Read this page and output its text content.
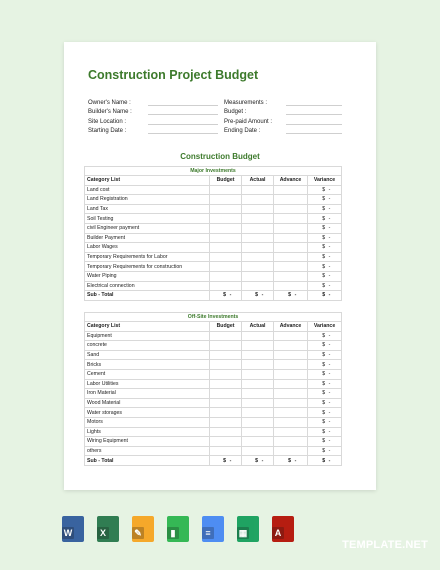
Construction Project Budget
Owner's Name :
Builder's Name :
Site Location :
Starting Date :
Measurements :
Budget :
Pre-paid Amount :
Ending Date :
Construction Budget
Major Investments				
Category List	Budget	Actual	Advance	Variance
Land cost				$ -
Land Registration				$ -
Land Tax				$ -
Soil Testing				$ -
civil Engineer payment				$ -
Builder Payment				$ -
Labor Wages				$ -
Temporary Requirements for Labor				$ -
Temporary Requirements for construction				$ -
Water Piping				$ -
Electrical connection				$ -
Sub - Total	$ -	$ -	$ -	$ -
Off-Site Investments				
Category List	Budget	Actual	Advance	Variance
Equipment				$ -
concrete				$ -
Sand				$ -
Bricks				$ -
Cement				$ -
Labor Utilities				$ -
Iron Material				$ -
Wood Material				$ -
Water storages				$ -
Motors				$ -
Lights				$ -
Wiring Equipment				$ -
others				$ -
Sub - Total	$ -	$ -	$ -	$ -
W	X	✎	▮	≡	▦	A
TEMPLATE.NET
